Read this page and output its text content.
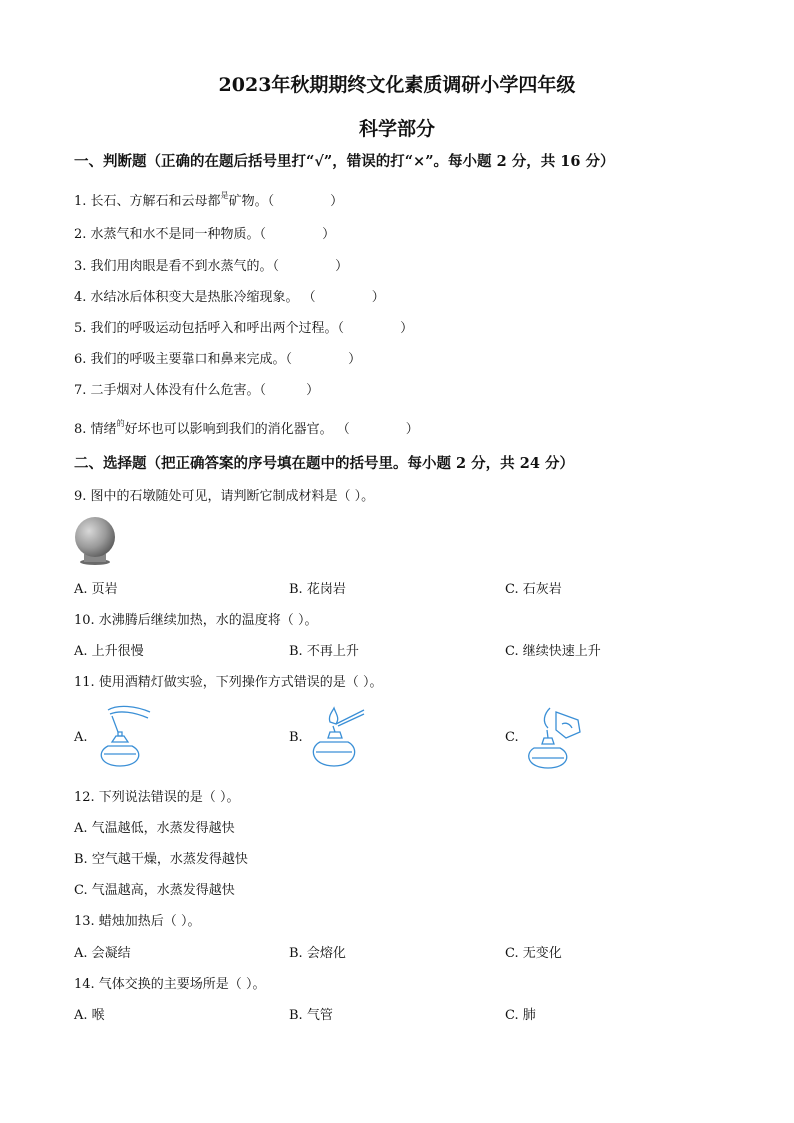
2023年秋期期终文化素质调研小学四年级
科学部分
一、判断题（正确的在题后括号里打“√”，错误的打“×”。每小题 2 分，共 16 分）
1. 长石、方解石和云母都$^是$矿物。（	）
2. 水蒸气和水不是同一种物质。（	）
3. 我们用肉眼是看不到水蒸气的。（	）
4. 水结冰后体积变大是热胀冷缩现象。 （	）
5. 我们的呼吸运动包括呼入和呼出两个过程。（	）
6. 我们的呼吸主要靠口和鼻来完成。（	）
7. 二手烟对人体没有什么危害。（	）
8. 情绪$^的$好坏也可以影响到我们的消化器官。 （	）
二、选择题（把正确答案的序号填在题中的括号里。每小题 2 分，共 24 分）
9. 图中的石墩随处可见，请判断它制成材料是（ ）。
A. 页岩	B. 花岗岩	C. 石灰岩
10. 水沸腾后继续加热，水的温度将（ ）。
A. 上升很慢	B. 不再上升	C. 继续快速上升
11. 使用酒精灯做实验，下列操作方式错误的是（ ）。
A.	B.	C.
12. 下列说法错误的是（ ）。
A. 气温越低，水蒸发得越快
B. 空气越干燥，水蒸发得越快
C. 气温越高，水蒸发得越快
13. 蜡烛加热后（ ）。
A. 会凝结	B. 会熔化	C. 无变化
14. 气体交换的主要场所是（ ）。
A. 喉	B. 气管	C. 肺
